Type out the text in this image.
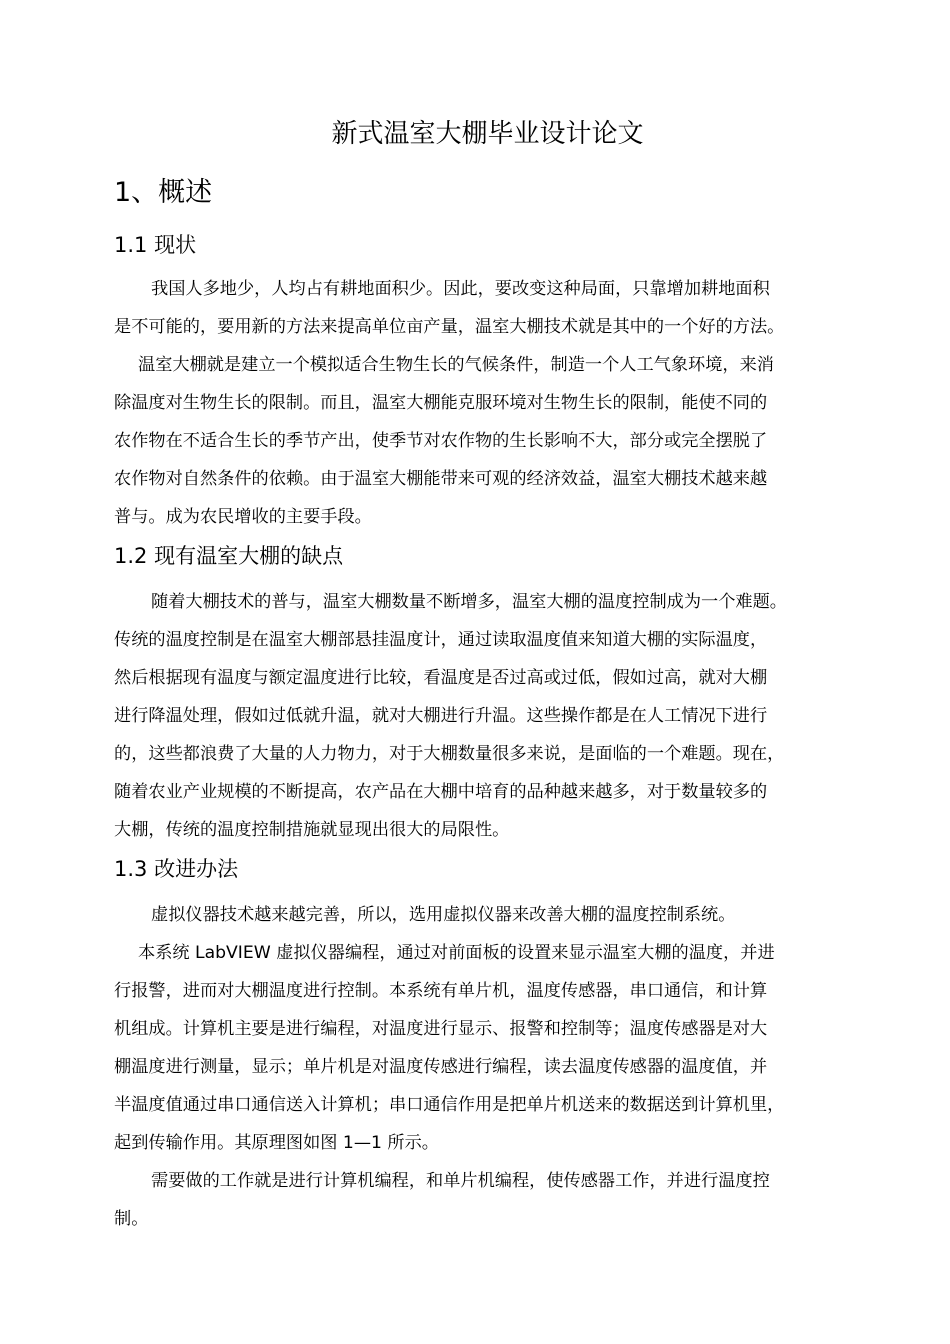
新式温室大棚毕业设计论文
1、概述
1.1 现状

我国人多地少，人均占有耕地面积少。因此，要改变这种局面，只靠增加耕地面积

是不可能的，要用新的方法来提高单位亩产量，温室大棚技术就是其中的一个好的方法。

温室大棚就是建立一个模拟适合生物生长的气候条件，制造一个人工气象环境，来消

除温度对生物生长的限制。而且，温室大棚能克服环境对生物生长的限制，能使不同的

农作物在不适合生长的季节产出，使季节对农作物的生长影响不大，部分或完全摆脱了

农作物对自然条件的依赖。由于温室大棚能带来可观的经济效益，温室大棚技术越来越

普与。成为农民增收的主要手段。

1.2 现有温室大棚的缺点

随着大棚技术的普与，温室大棚数量不断增多，温室大棚的温度控制成为一个难题。

传统的温度控制是在温室大棚部悬挂温度计，通过读取温度值来知道大棚的实际温度，

然后根据现有温度与额定温度进行比较，看温度是否过高或过低，假如过高，就对大棚

进行降温处理，假如过低就升温，就对大棚进行升温。这些操作都是在人工情况下进行

的，这些都浪费了大量的人力物力，对于大棚数量很多来说，是面临的一个难题。现在，

随着农业产业规模的不断提高，农产品在大棚中培育的品种越来越多，对于数量较多的

大棚，传统的温度控制措施就显现出很大的局限性。

1.3 改进办法

虚拟仪器技术越来越完善，所以，选用虚拟仪器来改善大棚的温度控制系统。

本系统 LabVIEW 虚拟仪器编程，通过对前面板的设置来显示温室大棚的温度，并进

行报警，进而对大棚温度进行控制。本系统有单片机，温度传感器，串口通信，和计算

机组成。计算机主要是进行编程，对温度进行显示、报警和控制等；温度传感器是对大

棚温度进行测量，显示；单片机是对温度传感进行编程，读去温度传感器的温度值，并

半温度值通过串口通信送入计算机；串口通信作用是把单片机送来的数据送到计算机里，

起到传输作用。其原理图如图 1—1 所示。

需要做的工作就是进行计算机编程，和单片机编程，使传感器工作，并进行温度控

制。
